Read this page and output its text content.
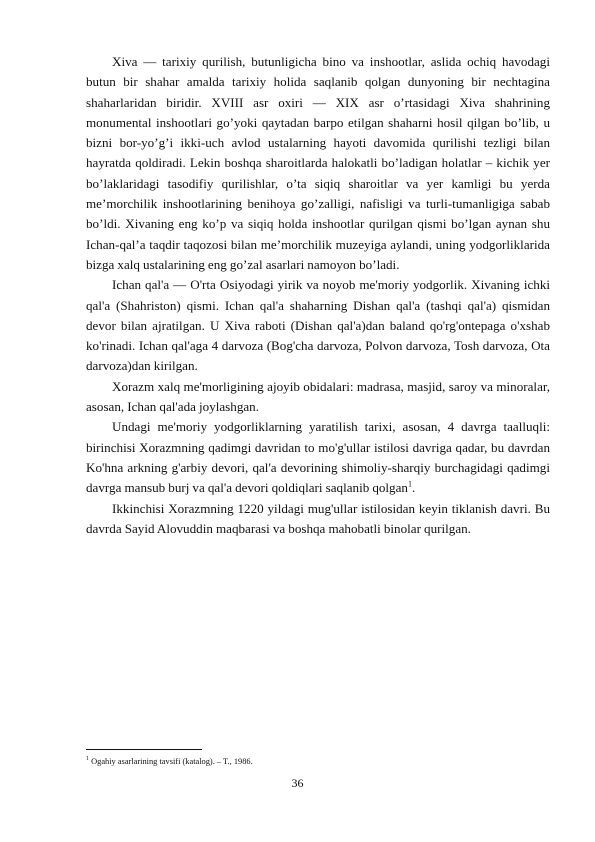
Xiva — tarixiy qurilish, butunligicha bino va inshootlar, aslida ochiq havodagi butun bir shahar amalda tarixiy holida saqlanib qolgan dunyoning bir nechtagina shaharlaridan biridir. XVIII asr oxiri — XIX asr o’rtasidagi Xiva shahrining monumental inshootlari go’yoki qaytadan barpo etilgan shaharni hosil qilgan bo’lib, u bizni bor-yo’g’i ikki-uch avlod ustalarning hayoti davomida qurilishi tezligi bilan hayratda qoldiradi. Lekin boshqa sharoitlarda halokatli bo’ladigan holatlar – kichik yer bo’laklaridagi tasodifiy qurilishlar, o’ta siqiq sharoitlar va yer kamligi bu yerda me’morchilik inshootlarining benihoya go’zalligi, nafisligi va turli-tumanligiga sabab bo’ldi. Xivaning eng ko’p va siqiq holda inshootlar qurilgan qismi bo’lgan aynan shu Ichan-qal’a taqdir taqozosi bilan me’morchilik muzeyiga aylandi, uning yodgorliklarida bizga xalq ustalarining eng go’zal asarlari namoyon bo’ladi.

Ichan qal'a — O'rta Osiyodagi yirik va noyob me'moriy yodgorlik. Xivaning ichki qal'a (Shahriston) qismi. Ichan qal'a shaharning Dishan qal'a (tashqi qal'a) qismidan devor bilan ajratilgan. U Xiva raboti (Dishan qal'a)dan baland qo'rg'ontepaga o'xshab ko'rinadi. Ichan qal'aga 4 darvoza (Bog'cha darvoza, Polvon darvoza, Tosh darvoza, Ota darvoza)dan kirilgan.

Xorazm xalq me'morligining ajoyib obidalari: madrasa, masjid, saroy va minoralar, asosan, Ichan qal'ada joylashgan.

Undagi me'moriy yodgorliklarning yaratilish tarixi, asosan, 4 davrga taalluqli: birinchisi Xorazmning qadimgi davridan to mo'g'ullar istilosi davriga qadar, bu davrdan Ko'hna arkning g'arbiy devori, qal'a devorining shimoliy-sharqiy burchagidagi qadimgi davrga mansub burj va qal'a devori qoldiqlari saqlanib qolgan$^1$.

Ikkinchisi Xorazmning 1220 yildagi mug'ullar istilosidan keyin tiklanish davri. Bu davrda Sayid Alovuddin maqbarasi va boshqa mahobatli binolar qurilgan.

$^1$ Ogahiy asarlarining tavsifi (katalog). – T., 1986.

36
